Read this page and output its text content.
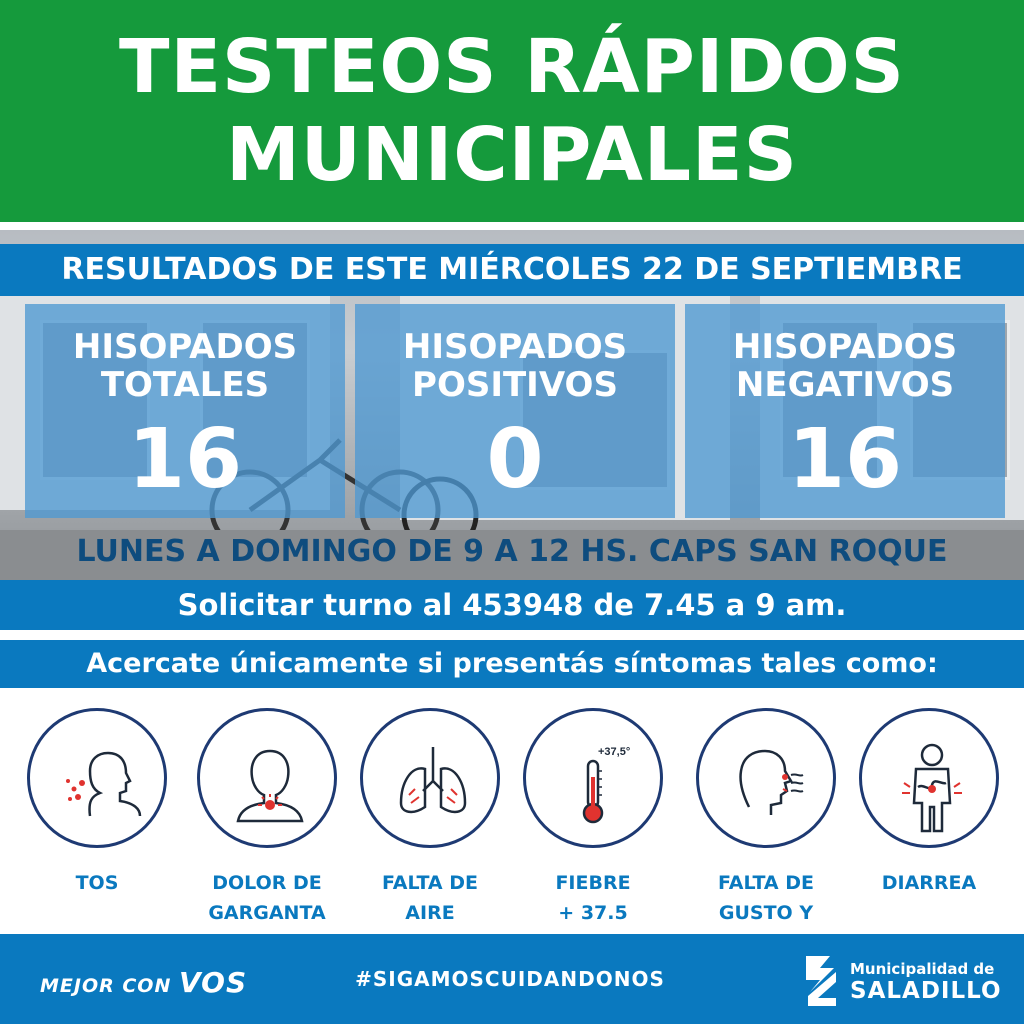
TESTEOS RÁPIDOS
MUNICIPALES
RESULTADOS DE ESTE MIÉRCOLES 22 DE SEPTIEMBRE
HISOPADOS
TOTALES
16
HISOPADOS
POSITIVOS
0
HISOPADOS
NEGATIVOS
16
LUNES A DOMINGO DE 9 A 12 HS. CAPS SAN ROQUE
Solicitar turno al 453948 de 7.45 a 9 am.
Acercate únicamente si presentás síntomas tales como:
+37,5°
TOS	DOLOR DE
GARGANTA
FALTA DE
AIRE
FIEBRE
+ 37.5
FALTA DE
GUSTO Y
DIARREA
MEJOR CON VOS	#SIGAMOSCUIDANDONOS	Municipalidad de
SALADILLO
